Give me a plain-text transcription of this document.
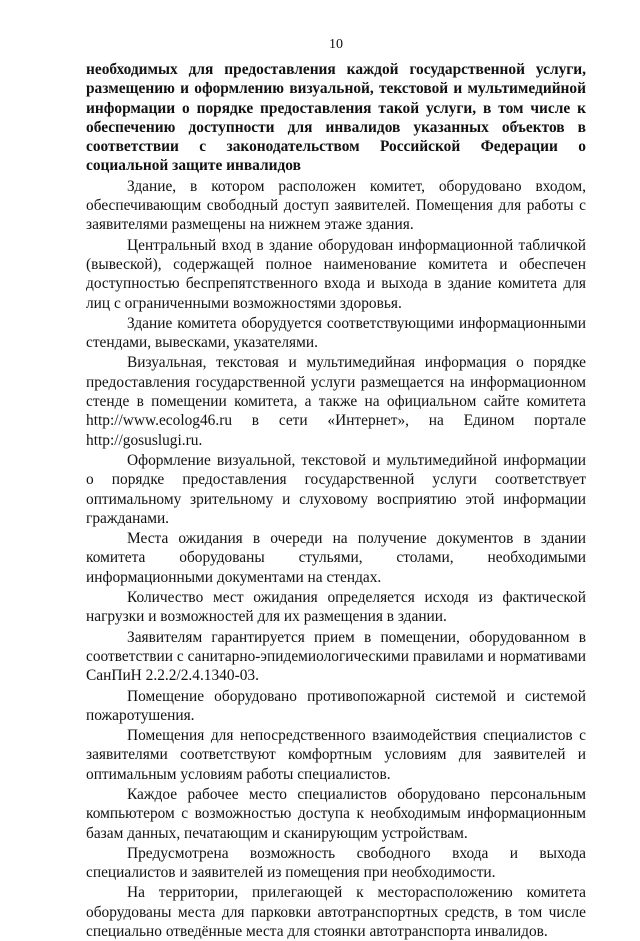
10

необходимых для предоставления каждой государственной услуги, размещению и оформлению визуальной, текстовой и мультимедийной информации о порядке предоставления такой услуги, в том числе к обеспечению доступности для инвалидов указанных объектов в соответствии с законодательством Российской Федерации о социальной защите инвалидов

Здание, в котором расположен комитет, оборудовано входом, обеспечивающим свободный доступ заявителей. Помещения для работы с заявителями размещены на нижнем этаже здания.

Центральный вход в здание оборудован информационной табличкой (вывеской), содержащей полное наименование комитета и обеспечен доступностью беспрепятственного входа и выхода в здание комитета для лиц с ограниченными возможностями здоровья.

Здание комитета оборудуется соответствующими информационными стендами, вывесками, указателями.

Визуальная, текстовая и мультимедийная информация о порядке предоставления государственной услуги размещается на информационном стенде в помещении комитета, а также на официальном сайте комитета http://www.ecolog46.ru в сети «Интернет», на Едином портале http://gosuslugi.ru.

Оформление визуальной, текстовой и мультимедийной информации о порядке предоставления государственной услуги соответствует оптимальному зрительному и слуховому восприятию этой информации гражданами.

Места ожидания в очереди на получение документов в здании комитета оборудованы стульями, столами, необходимыми информационными документами на стендах.

Количество мест ожидания определяется исходя из фактической нагрузки и возможностей для их размещения в здании.

Заявителям гарантируется прием в помещении, оборудованном в соответствии с санитарно-эпидемиологическими правилами и нормативами СанПиН 2.2.2/2.4.1340-03.

Помещение оборудовано противопожарной системой и системой пожаротушения.

Помещения для непосредственного взаимодействия специалистов с заявителями соответствуют комфортным условиям для заявителей и оптимальным условиям работы специалистов.

Каждое рабочее место специалистов оборудовано персональным компьютером с возможностью доступа к необходимым информационным базам данных, печатающим и сканирующим устройствам.

Предусмотрена возможность свободного входа и выхода специалистов и заявителей из помещения при необходимости.

На территории, прилегающей к месторасположению комитета оборудованы места для парковки автотранспортных средств, в том числе специально отведённые места для стоянки автотранспорта инвалидов.
